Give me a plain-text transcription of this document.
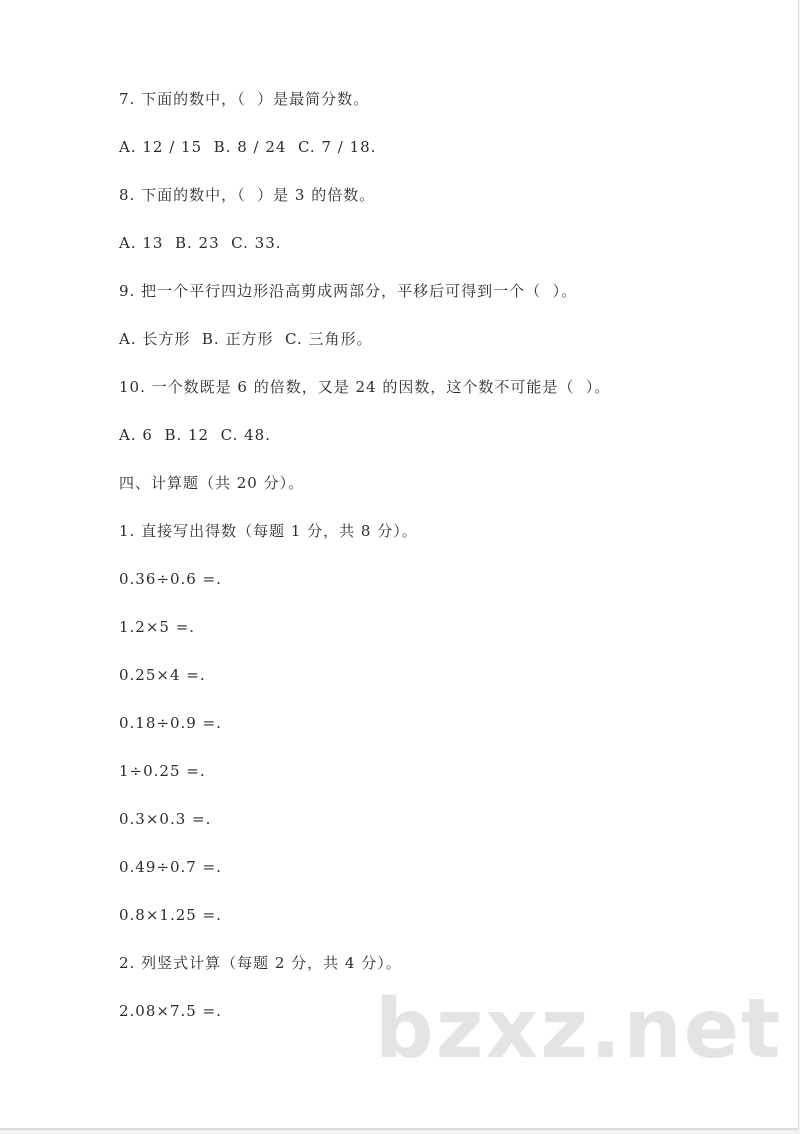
7. 下面的数中，（  ）是最简分数。
A. 12 / 15  B. 8 / 24  C. 7 / 18.
8. 下面的数中，（  ）是 3 的倍数。
A. 13  B. 23  C. 33.
9. 把一个平行四边形沿高剪成两部分，平移后可得到一个（  ）。
A. 长方形  B. 正方形  C. 三角形。
10. 一个数既是 6 的倍数，又是 24 的因数，这个数不可能是（  ）。
A. 6  B. 12  C. 48.
四、计算题（共 20 分）。
1. 直接写出得数（每题 1 分，共 8 分）。
0.36÷0.6 =.
1.2×5 =.
0.25×4 =.
0.18÷0.9 =.
1÷0.25 =.
0.3×0.3 =.
0.49÷0.7 =.
0.8×1.25 =.
2. 列竖式计算（每题 2 分，共 4 分）。
2.08×7.5 =. bzxz.net
